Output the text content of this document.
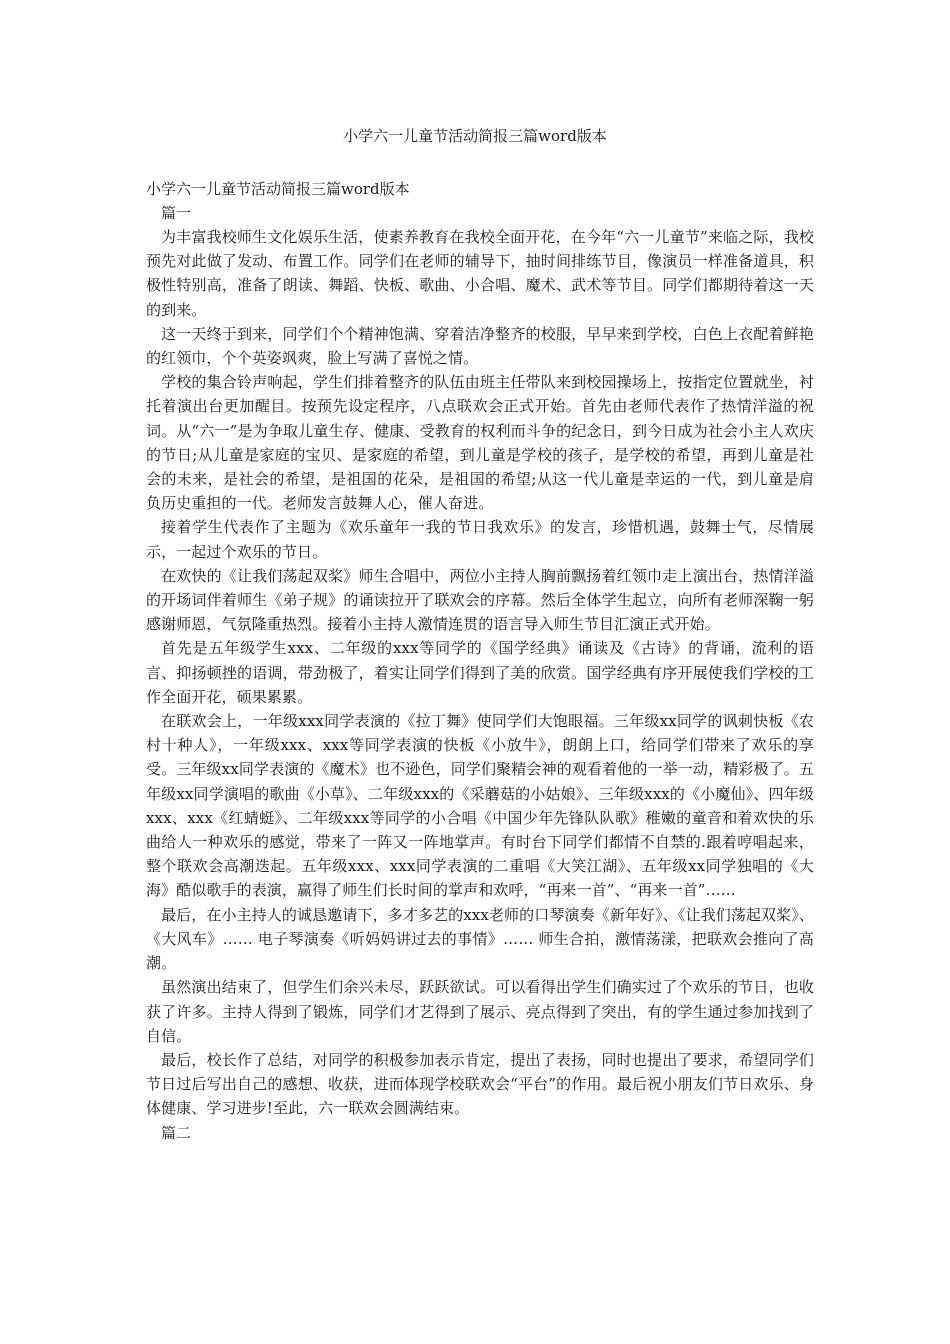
小学六一儿童节活动简报三篇word版本

小学六一儿童节活动简报三篇word版本

篇一

为丰富我校师生文化娱乐生活，使素养教育在我校全面开花，在今年“六一儿童节”来临之际，我校预先对此做了发动、布置工作。同学们在老师的辅导下，抽时间排练节目，像演员一样准备道具，积极性特别高，准备了朗读、舞蹈、快板、歌曲、小合唱、魔术、武术等节目。同学们都期待着这一天的到来。

这一天终于到来，同学们个个精神饱满、穿着洁净整齐的校服，早早来到学校，白色上衣配着鲜艳的红领巾，个个英姿飒爽，脸上写满了喜悦之情。

学校的集合铃声响起，学生们排着整齐的队伍由班主任带队来到校园操场上，按指定位置就坐，衬托着演出台更加醒目。按预先设定程序，八点联欢会正式开始。首先由老师代表作了热情洋溢的祝词。从“六一”是为争取儿童生存、健康、受教育的权利而斗争的纪念日，到今日成为社会小主人欢庆的节日;从儿童是家庭的宝贝、是家庭的希望，到儿童是学校的孩子，是学校的希望，再到儿童是社会的未来，是社会的希望，是祖国的花朵，是祖国的希望;从这一代儿童是幸运的一代，到儿童是肩负历史重担的一代。老师发言鼓舞人心，催人奋进。

接着学生代表作了主题为《欢乐童年一我的节日我欢乐》的发言，珍惜机遇，鼓舞士气，尽情展示，一起过个欢乐的节日。

在欢快的《让我们荡起双桨》师生合唱中，两位小主持人胸前飘扬着红领巾走上演出台，热情洋溢的开场词伴着师生《弟子规》的诵读拉开了联欢会的序幕。然后全体学生起立，向所有老师深鞠一躬感谢师恩，气氛隆重热烈。接着小主持人激情连贯的语言导入师生节目汇演正式开始。

首先是五年级学生xxx、二年级的xxx等同学的《国学经典》诵读及《古诗》的背诵，流利的语言、抑扬顿挫的语调，带劲极了，着实让同学们得到了美的欣赏。国学经典有序开展使我们学校的工作全面开花，硕果累累。

在联欢会上，一年级xxx同学表演的《拉丁舞》使同学们大饱眼福。三年级xx同学的讽刺快板《农村十种人》，一年级xxx、xxx等同学表演的快板《小放牛》，朗朗上口，给同学们带来了欢乐的享受。三年级xx同学表演的《魔术》也不逊色，同学们聚精会神的观看着他的一举一动，精彩极了。五年级xx同学演唱的歌曲《小草》、二年级xxx的《采蘑菇的小姑娘》、三年级xxx的《小魔仙》、四年级xxx、xxx《红蜻蜓》、二年级xxx等同学的小合唱《中国少年先锋队队歌》稚嫩的童音和着欢快的乐曲给人一种欢乐的感觉，带来了一阵又一阵地掌声。有时台下同学们都情不自禁的.跟着哼唱起来，整个联欢会高潮迭起。五年级xxx、xxx同学表演的二重唱《大笑江湖》、五年级xx同学独唱的《大海》酷似歌手的表演，赢得了师生们长时间的掌声和欢呼，“再来一首”、“再来一首”……

最后，在小主持人的诚恳邀请下，多才多艺的xxx老师的口琴演奏《新年好》、《让我们荡起双桨》、《大风车》…… 电子琴演奏《听妈妈讲过去的事情》…… 师生合拍，激情荡漾，把联欢会推向了高潮。

虽然演出结束了，但学生们余兴未尽，跃跃欲试。可以看得出学生们确实过了个欢乐的节日，也收获了许多。主持人得到了锻炼，同学们才艺得到了展示、亮点得到了突出，有的学生通过参加找到了自信。

最后，校长作了总结，对同学的积极参加表示肯定，提出了表扬，同时也提出了要求，希望同学们节日过后写出自己的感想、收获，进而体现学校联欢会“平台”的作用。最后祝小朋友们节日欢乐、身体健康、学习进步!至此，六一联欢会圆满结束。

篇二
